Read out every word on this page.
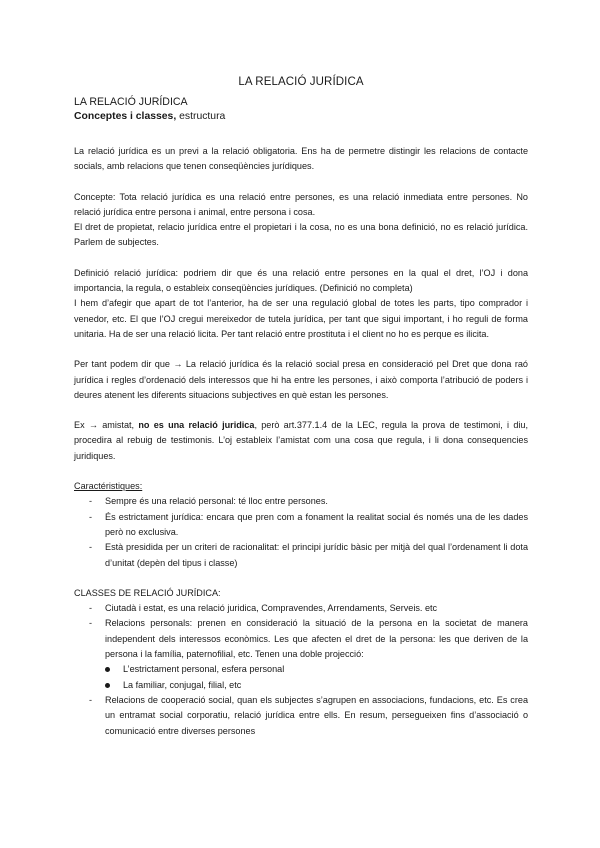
LA RELACIÓ JURÍDICA
LA RELACIÓ JURÍDICA
Conceptes i classes, estructura

La relació jurídica es un previ a la relació obligatoria. Ens ha de permetre distingir les relacions de contacte socials, amb relacions que tenen conseqüències jurídiques.

Concepte: Tota relació jurídica es una relació entre persones, es una relació inmediata entre persones. No relació jurídica entre persona i animal, entre persona i cosa.

El dret de propietat, relacio jurídica entre el propietari i la cosa, no es una bona definició, no es relació jurídica. Parlem de subjectes.

Definició relació jurídica: podriem dir que és una relació entre persones en la qual el dret, l’OJ i dona importancia, la regula, o estableix conseqüències jurídiques. (Definició no completa)

I hem d’afegir que apart de tot l’anterior, ha de ser una regulació global de totes les parts, tipo comprador i venedor, etc. El que l’OJ cregui mereixedor de tutela jurídica, per tant que sigui important, i ho reguli de forma unitaria. Ha de ser una relació licita. Per tant relació entre prostituta i el client no ho es perque es ilicita.

Per tant podem dir que → La relació jurídica és la relació social presa en consideració pel Dret que dona raó jurídica i regles d’ordenació dels interessos que hi ha entre les persones, i això comporta l’atribució de poders i deures atenent les diferents situacions subjectives en què estan les persones.

Ex → amistat, no es una relació juridica, però art.377.1.4 de la LEC, regula la prova de testimoni, i diu, procedira al rebuig de testimonis. L’oj estableix l’amistat com una cosa que regula, i li dona consequencies juridiques.

Caractéristiques:
- Sempre és una relació personal: té lloc entre persones.
- És estrictament jurídica: encara que pren com a fonament la realitat social és només una de les dades però no exclusiva.
- Està presidida per un criteri de racionalitat: el principi jurídic bàsic per mitjà del qual l’ordenament li dota d’unitat (depèn del tipus i classe)
CLASSES DE RELACIÓ JURÍDICA:
- Ciutadà i estat, es una relació juridica, Compravendes, Arrendaments, Serveis. etc
- Relacions personals: prenen en consideració la situació de la persona en la societat de manera independent dels interessos econòmics. Les que afecten el dret de la persona: les que deriven de la persona i la família, paternofilial, etc. Tenen una doble projecció:
L’estrictament personal, esfera personal
La familiar, conjugal, filial, etc
- Relacions de cooperació social, quan els subjectes s’agrupen en associacions, fundacions, etc. Es crea un entramat social corporatiu, relació jurídica entre ells. En resum, persegueixen fins d’associació o comunicació entre diverses persones
